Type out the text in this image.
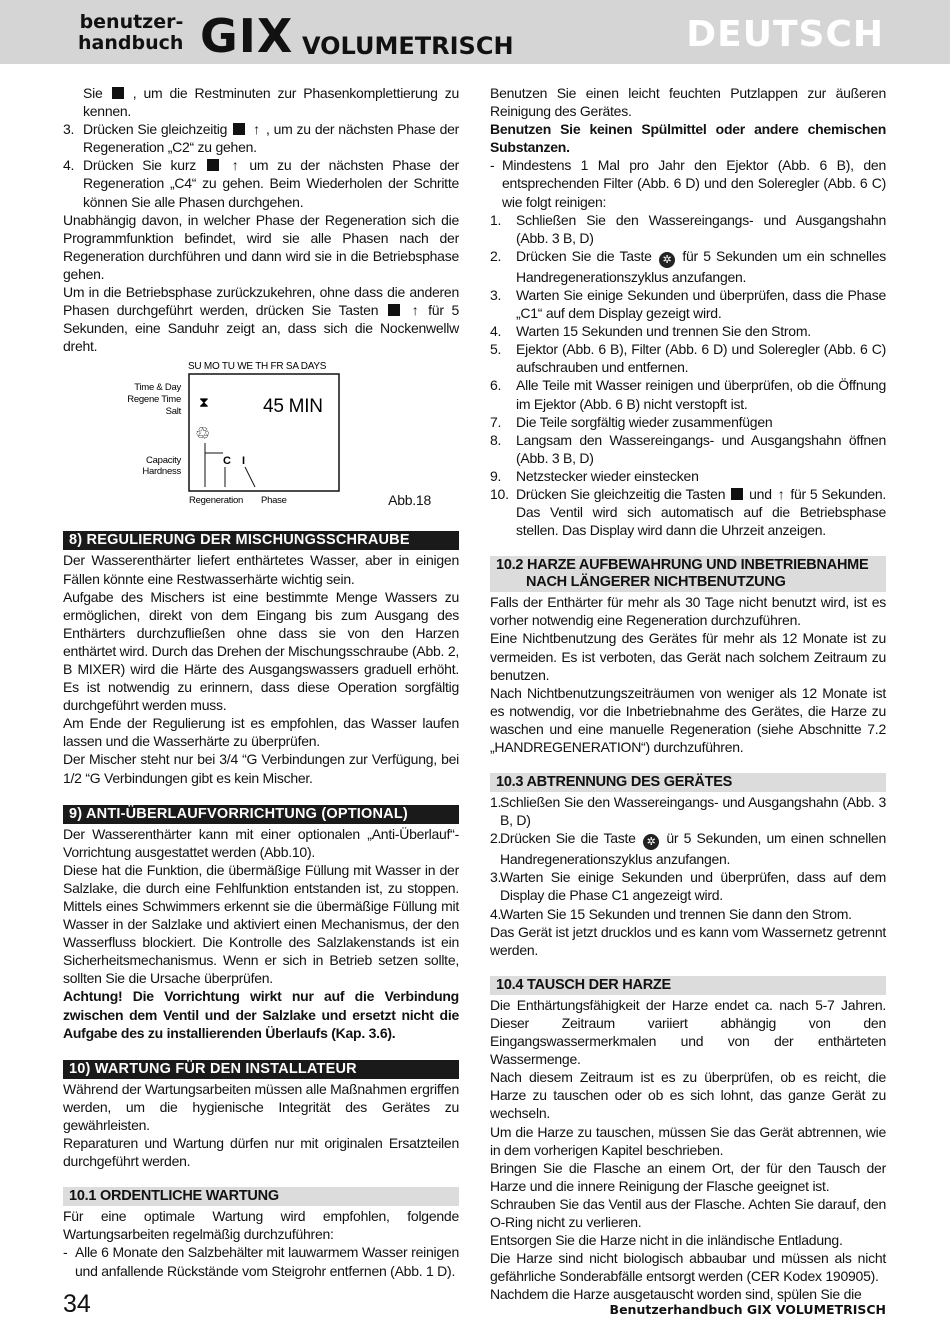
benutzer-
handbuch GIX VOLUMETRISCH	DEUTSCH

Sie , um die Restminuten zur Phasenkomplettierung zu kennen.

3. Drücken Sie gleichzeitig ↑ , um zu der nächsten Phase der Regeneration „C2“ zu gehen.
4. Drücken Sie kurz	↑ um zu der nächsten Phase der Regeneration „C4“ zu gehen. Beim Wiederholen der Schritte können Sie alle Phasen durchgehen.

Unabhängig davon, in welcher Phase der Regeneration sich die Programmfunktion befindet, wird sie alle Phasen nach der Regeneration durchführen und dann wird sie in die Betriebsphase gehen.

Um in die Betriebsphase zurückzukehren, ohne dass die anderen Phasen durchgeführt werden, drücken Sie Tasten ↑ für 5 Sekunden, eine Sanduhr zeigt an, dass sich die Nockenwellw dreht.

SU MO TU WE TH FR SA DAYS
Time & Day
Regene Time
Salt
⧗	45 MIN
♲
Capacity
Hardness
C I
Regeneration Phase	Abb.18
8) REGULIERUNG DER MISCHUNGSSCHRAUBE

Der Wasserenthärter liefert enthärtetes Wasser, aber in einigen Fällen könnte eine Restwasserhärte wichtig sein.

Aufgabe des Mischers ist eine bestimmte Menge Wassers zu ermöglichen, direkt von dem Eingang bis zum Ausgang des Enthärters durchzufließen ohne dass sie von den Harzen enthärtet wird. Durch das Drehen der Mischungsschraube (Abb. 2, B MIXER) wird die Härte des Ausgangswassers graduell erhöht. Es ist notwendig zu erinnern, dass diese Operation sorgfältig durchgeführt werden muss.

Am Ende der Regulierung ist es empfohlen, das Wasser laufen lassen und die Wasserhärte zu überprüfen.

Der Mischer steht nur bei 3/4 “G Verbindungen zur Verfügung, bei 1/2 “G Verbindungen gibt es kein Mischer.

9) ANTI-ÜBERLAUFVORRICHTUNG (OPTIONAL)

Der Wasserenthärter kann mit einer optionalen „Anti-Überlauf“-Vorrichtung ausgestattet werden (Abb.10).

Diese hat die Funktion, die übermäßige Füllung mit Wasser in der Salzlake, die durch eine Fehlfunktion entstanden ist, zu stoppen. Mittels eines Schwimmers erkennt sie die übermäßige Füllung mit Wasser in der Salzlake und aktiviert einen Mechanismus, der den Wasserfluss blockiert. Die Kontrolle des Salzlakenstands ist ein Sicherheitsmechanismus. Wenn er sich in Betrieb setzen sollte, sollten Sie die Ursache überprüfen.

Achtung! Die Vorrichtung wirkt nur auf die Verbindung zwischen dem Ventil und der Salzlake und ersetzt nicht die Aufgabe des zu installierenden Überlaufs (Kap. 3.6).

10) WARTUNG FÜR DEN INSTALLATEUR

Während der Wartungsarbeiten müssen alle Maßnahmen ergriffen werden, um die hygienische Integrität des Gerätes zu gewährleisten.

Reparaturen und Wartung dürfen nur mit originalen Ersatzteilen durchgeführt werden.

10.1 ORDENTLICHE WARTUNG

Für eine optimale Wartung wird empfohlen, folgende Wartungsarbeiten regelmäßig durchzuführen:

- Alle 6 Monate den Salzbehälter mit lauwarmem Wasser reinigen und anfallende Rückstände vom Steigrohr entfernen (Abb. 1 D).

Benutzen Sie einen leicht feuchten Putzlappen zur äußeren Reinigung des Gerätes.

Benutzen Sie keinen Spülmittel oder andere chemischen Substanzen.

- Mindestens 1 Mal pro Jahr den Ejektor (Abb. 6 B), den entsprechenden Filter (Abb. 6 D) und den Soleregler (Abb. 6 C) wie folgt reinigen:
1.	Schließen Sie den Wassereingangs- und Ausgangshahn (Abb. 3 B, D)
2.	Drücken Sie die Taste ✲ für 5 Sekunden um ein schnelles Handregenerationszyklus anzufangen.
3.	Warten Sie einige Sekunden und überprüfen, dass die Phase „C1“ auf dem Display gezeigt wird.
4.	Warten 15 Sekunden und trennen Sie den Strom.
5.	Ejektor (Abb. 6 B), Filter (Abb. 6 D) und Soleregler (Abb. 6 C) aufschrauben und entfernen.
6.	Alle Teile mit Wasser reinigen und überprüfen, ob die Öffnung im Ejektor (Abb. 6 B) nicht verstopft ist.
7.	Die Teile sorgfältig wieder zusammenfügen
8.	Langsam den Wassereingangs- und Ausgangshahn öffnen (Abb. 3 B, D)
9.	Netzstecker wieder einstecken
10. Drücken Sie gleichzeitig die Tasten und ↑ für 5 Sekunden. Das Ventil wird sich automatisch auf die Betriebsphase stellen. Das Display wird dann die Uhrzeit anzeigen.
10.2 HARZE AUFBEWAHRUNG UND INBETRIEBNAHME
NACH LÄNGERER NICHTBENUTZUNG

Falls der Enthärter für mehr als 30 Tage nicht benutzt wird, ist es vorher notwendig eine Regeneration durchzuführen.

Eine Nichtbenutzung des Gerätes für mehr als 12 Monate ist zu vermeiden. Es ist verboten, das Gerät nach solchem Zeitraum zu benutzen.

Nach Nichtbenutzungszeiträumen von weniger als 12 Monate ist es notwendig, vor die Inbetriebnahme des Gerätes, die Harze zu waschen und eine manuelle Regeneration (siehe Abschnitte 7.2 „HANDREGENERATION“) durchzuführen.

10.3 ABTRENNUNG DES GERÄTES
1.
Schließen Sie den Wassereingangs- und Ausgangshahn (Abb. 3 B, D)
2.
Drücken Sie die Taste ✲ ür 5 Sekunden, um einen schnellen Handregenerationszyklus anzufangen.
3.
Warten Sie einige Sekunden und überprüfen, dass auf dem Display die Phase C1 angezeigt wird.
4.
Warten Sie 15 Sekunden und trennen Sie dann den Strom.

Das Gerät ist jetzt drucklos und es kann vom Wassernetz getrennt werden.

10.4 TAUSCH DER HARZE

Die Enthärtungsfähigkeit der Harze endet ca. nach 5-7 Jahren. Dieser Zeitraum variiert abhängig von den Eingangswassermerkmalen und von der enthärteten Wassermenge.

Nach diesem Zeitraum ist es zu überprüfen, ob es reicht, die Harze zu tauschen oder ob es sich lohnt, das ganze Gerät zu wechseln.

Um die Harze zu tauschen, müssen Sie das Gerät abtrennen, wie in dem vorherigen Kapitel beschrieben.

Bringen Sie die Flasche an einem Ort, der für den Tausch der Harze und die innere Reinigung der Flasche geeignet ist.

Schrauben Sie das Ventil aus der Flasche. Achten Sie darauf, den O-Ring nicht zu verlieren.

Entsorgen Sie die Harze nicht in die inländische Entladung.

Die Harze sind nicht biologisch abbaubar und müssen als nicht gefährliche Sonderabfälle entsorgt werden (CER Kodex 190905).

Nachdem die Harze ausgetauscht worden sind, spülen Sie die

34	Benutzerhandbuch GIX VOLUMETRISCH
